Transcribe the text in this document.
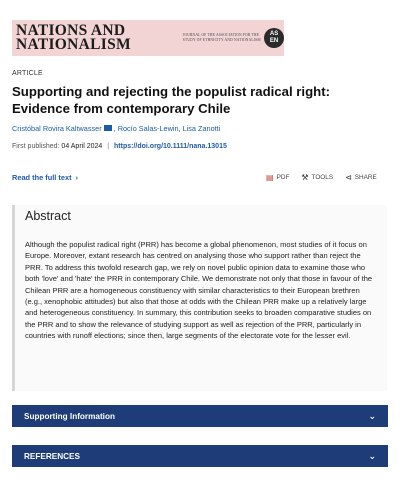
NATIONS AND
NATIONALISM
JOURNAL OF THE ASSOCIATION FOR THE STUDY OF ETHNICITY AND NATIONALISM
AS
EN
ARTICLE
Supporting and rejecting the populist radical right: Evidence from contemporary Chile
Cristóbal Rovira Kaltwasser , Rocío Salas-Lewin, Lisa Zanotti
First published: 04 April 2024 | https://doi.org/10.1111/nana.13015
Read the full text ›	▤ PDF ⚒ TOOLS ⊲ SHARE
Abstract

Although the populist radical right (PRR) has become a global phenomenon, most studies of it focus on Europe. Moreover, extant research has centred on analysing those who support rather than reject the PRR. To address this twofold research gap, we rely on novel public opinion data to examine those who both 'love' and 'hate' the PRR in contemporary Chile. We demonstrate not only that those in favour of the Chilean PRR are a homogeneous constituency with similar characteristics to their European brethren (e.g., xenophobic attitudes) but also that those at odds with the Chilean PRR make up a relatively large and heterogeneous constituency. In summary, this contribution seeks to broaden comparative studies on the PRR and to show the relevance of studying support as well as rejection of the PRR, particularly in countries with runoff elections; since then, large segments of the electorate vote for the lesser evil.

Supporting Information	⌄
REFERENCES	⌄
